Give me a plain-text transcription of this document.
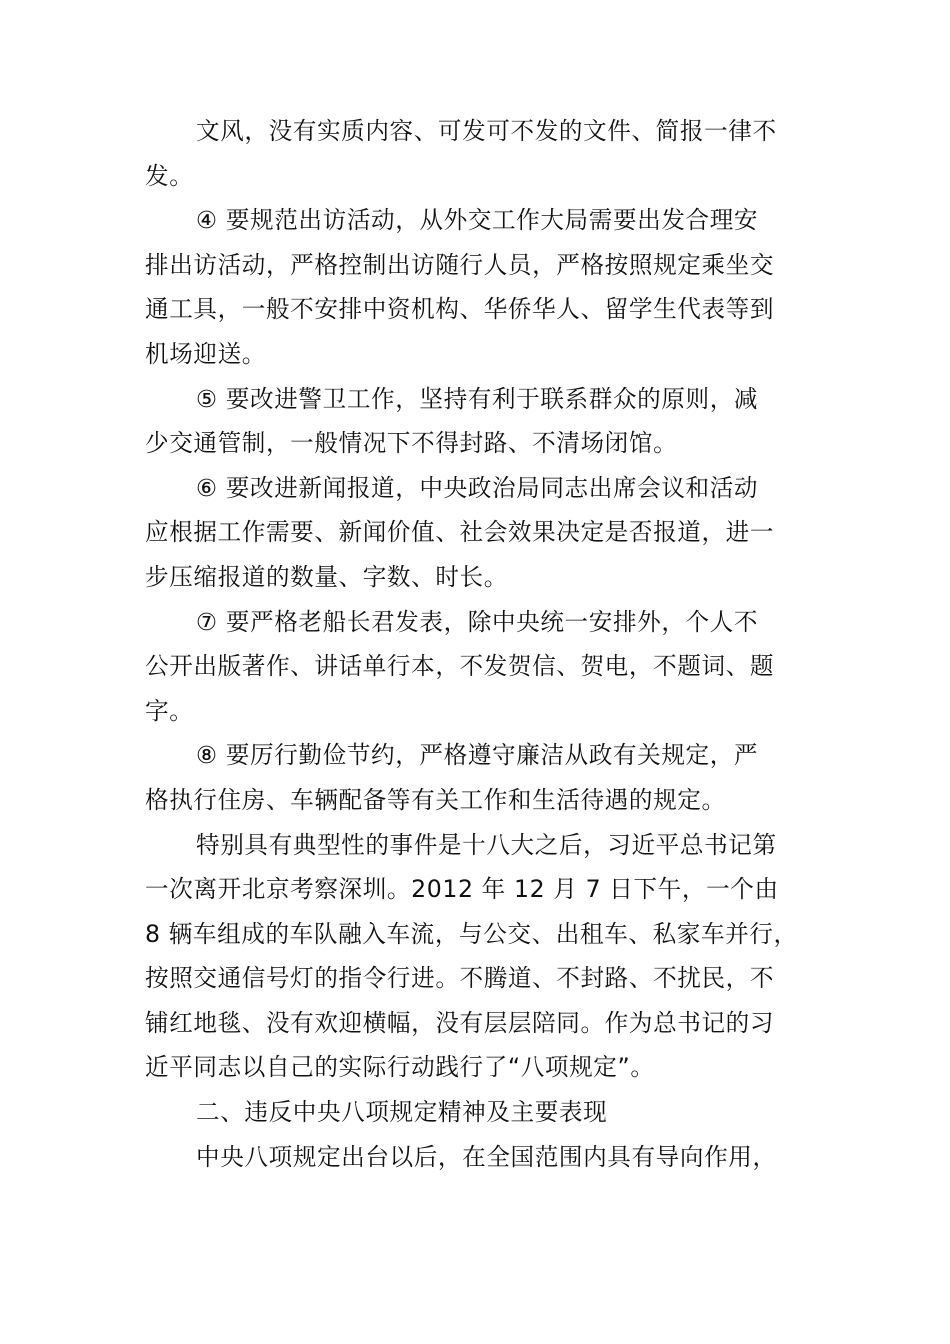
文风，没有实质内容、可发可不发的文件、简报一律不
发。

④ 要规范出访活动，从外交工作大局需要出发合理安
排出访活动，严格控制出访随行人员，严格按照规定乘坐交
通工具，一般不安排中资机构、华侨华人、留学生代表等到
机场迎送。

⑤ 要改进警卫工作，坚持有利于联系群众的原则，减
少交通管制，一般情况下不得封路、不清场闭馆。

⑥ 要改进新闻报道，中央政治局同志出席会议和活动
应根据工作需要、新闻价值、社会效果决定是否报道，进一
步压缩报道的数量、字数、时长。

⑦ 要严格老船长君发表，除中央统一安排外，个人不
公开出版著作、讲话单行本，不发贺信、贺电，不题词、题
字。

⑧ 要厉行勤俭节约，严格遵守廉洁从政有关规定，严
格执行住房、车辆配备等有关工作和生活待遇的规定。

特别具有典型性的事件是十八大之后，习近平总书记第
一次离开北京考察深圳。2012 年 12 月 7 日下午，一个由
8 辆车组成的车队融入车流，与公交、出租车、私家车并行，
按照交通信号灯的指令行进。不腾道、不封路、不扰民，不
铺红地毯、没有欢迎横幅，没有层层陪同。作为总书记的习
近平同志以自己的实际行动践行了“八项规定”。

二、违反中央八项规定精神及主要表现

中央八项规定出台以后，在全国范围内具有导向作用，
